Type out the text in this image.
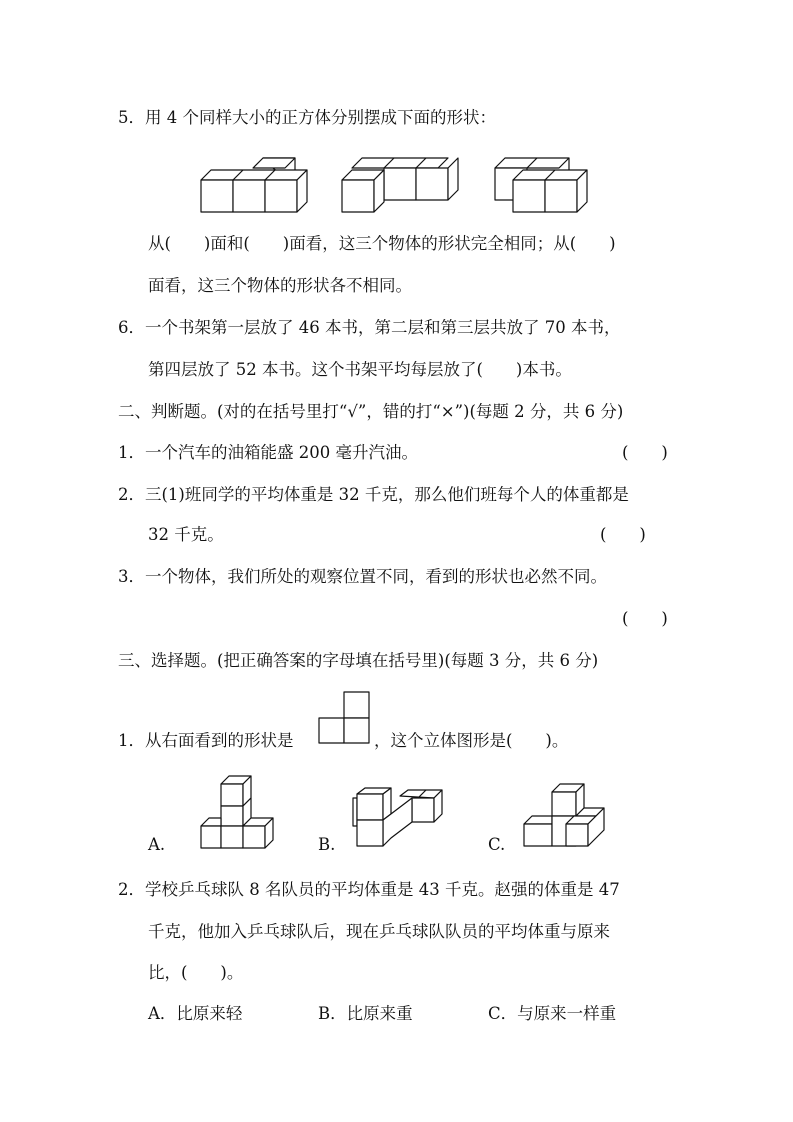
5．用 4 个同样大小的正方体分别摆成下面的形状：
从(　　)面和(　　)面看，这三个物体的形状完全相同；从(　　)
面看，这三个物体的形状各不相同。
6．一个书架第一层放了 46 本书，第二层和第三层共放了 70 本书，
第四层放了 52 本书。这个书架平均每层放了(　　)本书。
二、判断题。(对的在括号里打“√”，错的打“×”)(每题 2 分，共 6 分)
1．一个汽车的油箱能盛 200 毫升汽油。	(　　)
2．三(1)班同学的平均体重是 32 千克，那么他们班每个人的体重都是
32 千克。	(　　)
3．一个物体，我们所处的观察位置不同，看到的形状也必然不同。
(　　)
三、选择题。(把正确答案的字母填在括号里)(每题 3 分，共 6 分)
1．从右面看到的形状是	，这个立体图形是(　　)。
A.	B.	C.
2．学校乒乓球队 8 名队员的平均体重是 43 千克。赵强的体重是 47
千克，他加入乒乓球队后，现在乒乓球队队员的平均体重与原来
比，(　　)。
A．比原来轻	B．比原来重	C．与原来一样重
